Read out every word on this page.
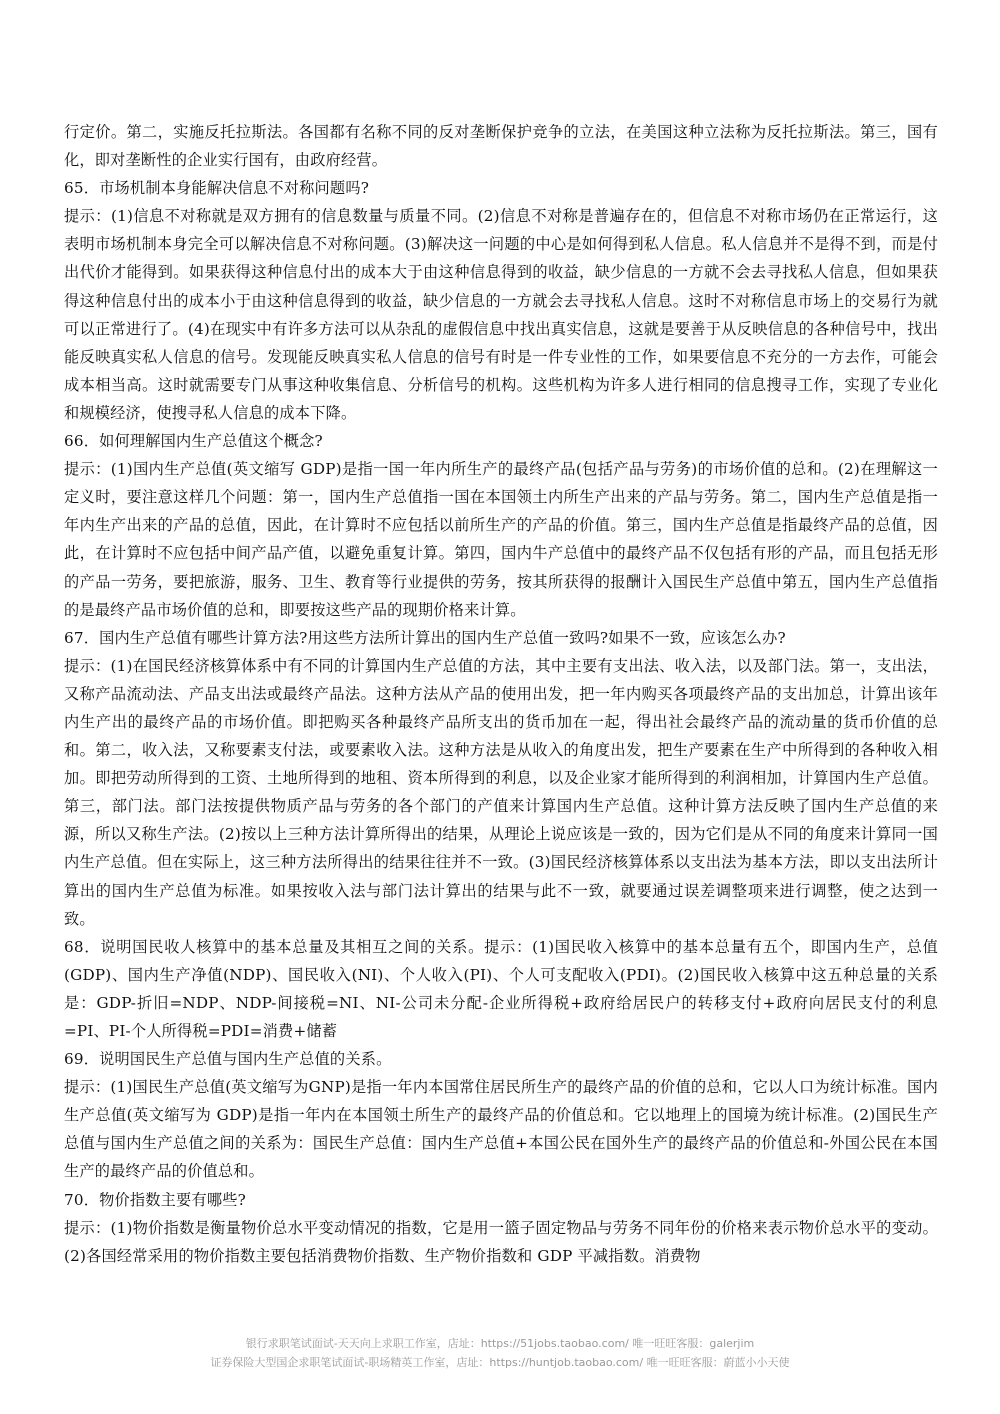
行定价。第二，实施反托拉斯法。各国都有名称不同的反对垄断保护竞争的立法，在美国这种立法称为反托拉斯法。第三，国有化，即对垄断性的企业实行国有，由政府经营。

65．市场机制本身能解决信息不对称问题吗?

提示：(1)信息不对称就是双方拥有的信息数量与质量不同。(2)信息不对称是普遍存在的，但信息不对称市场仍在正常运行，这表明市场机制本身完全可以解决信息不对称问题。(3)解决这一问题的中心是如何得到私人信息。私人信息并不是得不到，而是付出代价才能得到。如果获得这种信息付出的成本大于由这种信息得到的收益，缺少信息的一方就不会去寻找私人信息，但如果获得这种信息付出的成本小于由这种信息得到的收益，缺少信息的一方就会去寻找私人信息。这时不对称信息市场上的交易行为就可以正常进行了。(4)在现实中有许多方法可以从杂乱的虚假信息中找出真实信息，这就是要善于从反映信息的各种信号中，找出能反映真实私人信息的信号。发现能反映真实私人信息的信号有时是一件专业性的工作，如果要信息不充分的一方去作，可能会成本相当高。这时就需要专门从事这种收集信息、分析信号的机构。这些机构为许多人进行相同的信息搜寻工作，实现了专业化和规模经济，使搜寻私人信息的成本下降。

66．如何理解国内生产总值这个概念?

提示：(1)国内生产总值(英文缩写 GDP)是指一国一年内所生产的最终产品(包括产品与劳务)的市场价值的总和。(2)在理解这一定义时，要注意这样几个问题：第一，国内生产总值指一国在本国领土内所生产出来的产品与劳务。第二，国内生产总值是指一年内生产出来的产品的总值，因此，在计算时不应包括以前所生产的产品的价值。第三，国内生产总值是指最终产品的总值，因此，在计算时不应包括中间产品产值，以避免重复计算。第四，国内牛产总值中的最终产品不仅包括有形的产品，而且包括无形的产品一劳务，要把旅游，服务、卫生、教育等行业提供的劳务，按其所获得的报酬计入国民生产总值中第五，国内生产总值指的是最终产品市场价值的总和，即要按这些产品的现期价格来计算。

67．国内生产总值有哪些计算方法?用这些方法所计算出的国内生产总值一致吗?如果不一致，应该怎么办?

提示：(1)在国民经济核算体系中有不同的计算国内生产总值的方法，其中主要有支出法、收入法，以及部门法。第一，支出法，又称产品流动法、产品支出法或最终产品法。这种方法从产品的使用出发，把一年内购买各项最终产品的支出加总，计算出该年内生产出的最终产品的市场价值。即把购买各种最终产品所支出的货币加在一起，得出社会最终产品的流动量的货币价值的总和。第二，收入法，又称要素支付法，或要素收入法。这种方法是从收入的角度出发，把生产要素在生产中所得到的各种收入相加。即把劳动所得到的工资、土地所得到的地租、资本所得到的利息，以及企业家才能所得到的利润相加，计算国内生产总值。第三，部门法。部门法按提供物质产品与劳务的各个部门的产值来计算国内生产总值。这种计算方法反映了国内生产总值的来源，所以又称生产法。(2)按以上三种方法计算所得出的结果，从理论上说应该是一致的，因为它们是从不同的角度来计算同一国内生产总值。但在实际上，这三种方法所得出的结果往往并不一致。(3)国民经济核算体系以支出法为基本方法，即以支出法所计算出的国内生产总值为标准。如果按收入法与部门法计算出的结果与此不一致，就要通过误差调整项来进行调整，使之达到一致。

68．说明国民收人核算中的基本总量及其相互之间的关系。提示：(1)国民收入核算中的基本总量有五个，即国内生产，总值(GDP)、国内生产净值(NDP)、国民收入(NI)、个人收入(PI)、个人可支配收入(PDI)。(2)国民收入核算中这五种总量的关系是：GDP-折旧=NDP、NDP-间接税=NI、NI-公司未分配-企业所得税+政府给居民户的转移支付+政府向居民支付的利息=PI、PI-个人所得税=PDI=消费+储蓄

69．说明国民生产总值与国内生产总值的关系。

提示：(1)国民生产总值(英文缩写为GNP)是指一年内本国常住居民所生产的最终产品的价值的总和，它以人口为统计标准。国内生产总值(英文缩写为 GDP)是指一年内在本国领土所生产的最终产品的价值总和。它以地理上的国境为统计标准。(2)国民生产总值与国内生产总值之间的关系为：国民生产总值：国内生产总值+本国公民在国外生产的最终产品的价值总和-外国公民在本国生产的最终产品的价值总和。

70．物价指数主要有哪些?

提示：(1)物价指数是衡量物价总水平变动情况的指数，它是用一篮子固定物品与劳务不同年份的价格来表示物价总水平的变动。(2)各国经常采用的物价指数主要包括消费物价指数、生产物价指数和 GDP 平减指数。消费物

银行求职笔试面试-天天向上求职工作室，店址：https://51jobs.taobao.com/ 唯一旺旺客服：galerjim
证券保险大型国企求职笔试面试-职场精英工作室，店址：https://huntjob.taobao.com/ 唯一旺旺客服：蔚蓝小小天使
